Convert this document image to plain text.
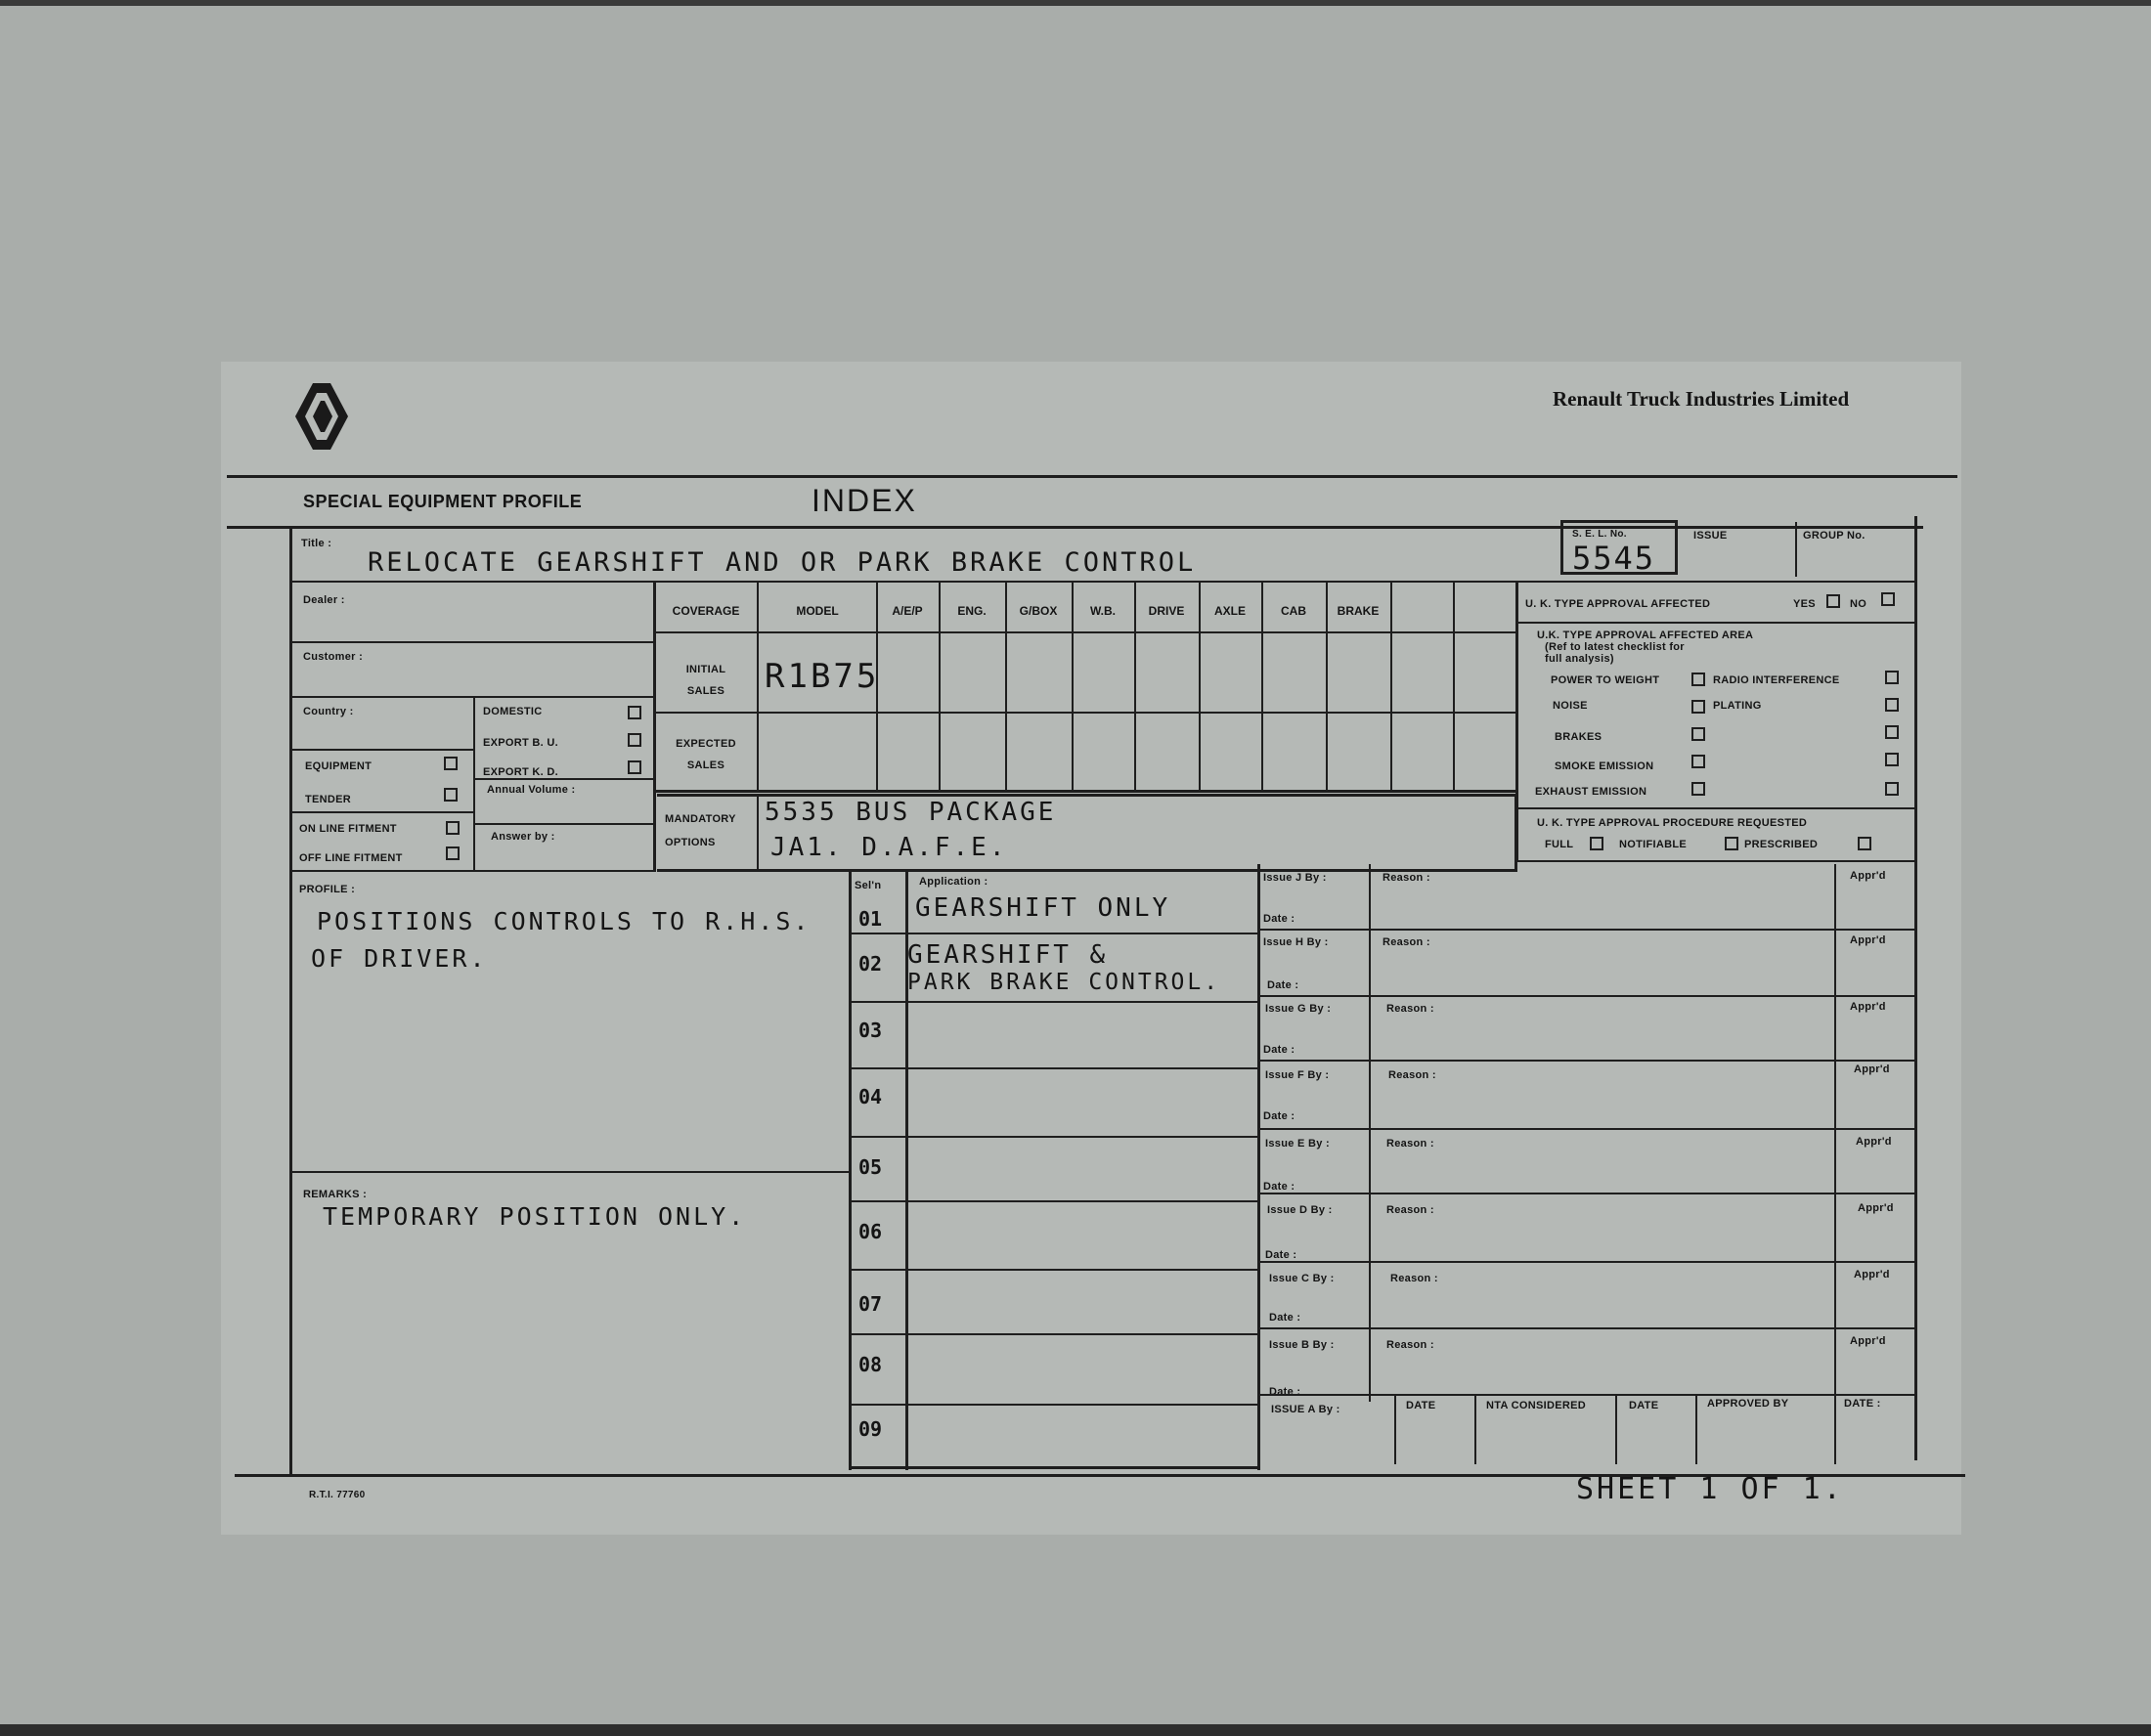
Renault Truck Industries Limited
SPECIAL EQUIPMENT PROFILE	INDEX
Title :
RELOCATE GEARSHIFT AND OR PARK BRAKE CONTROL
S. E. L. No.
5545
ISSUE	GROUP No.
Dealer :
Customer :
Country :	DOMESTIC
EXPORT B. U.
EXPORT K. D.
EQUIPMENT
TENDER
Annual Volume :
ON LINE FITMENT
Answer by :
OFF LINE FITMENT
COVERAGE	MODEL	A/E/P	ENG.	G/BOX	W.B.	DRIVE	AXLE	CAB	BRAKE
INITIAL SALES	R1B75
EXPECTED SALES
MANDATORY OPTIONS
5535 BUS PACKAGE
JA1. D.A.F.E.
U. K. TYPE APPROVAL AFFECTED	YES	NO
U.K. TYPE APPROVAL AFFECTED AREA
(Ref to latest checklist for
full analysis)
POWER TO WEIGHT	RADIO INTERFERENCE
NOISE	PLATING
BRAKES
SMOKE EMISSION
EXHAUST EMISSION
U. K. TYPE APPROVAL PROCEDURE REQUESTED
FULL	NOTIFIABLE	PRESCRIBED
PROFILE :
POSITIONS CONTROLS TO R.H.S.
OF DRIVER.
REMARKS :
TEMPORARY POSITION ONLY.
Sel'n	Application :
01 GEARSHIFT ONLY
02 GEARSHIFT &
PARK BRAKE CONTROL.
03
04
05
06
07
08
09
Issue J By :	Reason :	Appr'd
Date :
Issue H By :	Reason :	Appr'd
Date :
Issue G By :	Reason :	Appr'd
Date :
Issue F By :	Reason :	Appr'd
Date :
Issue E By :	Reason :	Appr'd
Date :
Issue D By :	Reason :	Appr'd
Date :
Issue C By :	Reason :	Appr'd
Date :
Issue B By :	Reason :	Appr'd
Date :
ISSUE A By :	DATE	NTA CONSIDERED	DATE	APPROVED BY	DATE :
R.T.I. 77760	SHEET 1 OF 1.
